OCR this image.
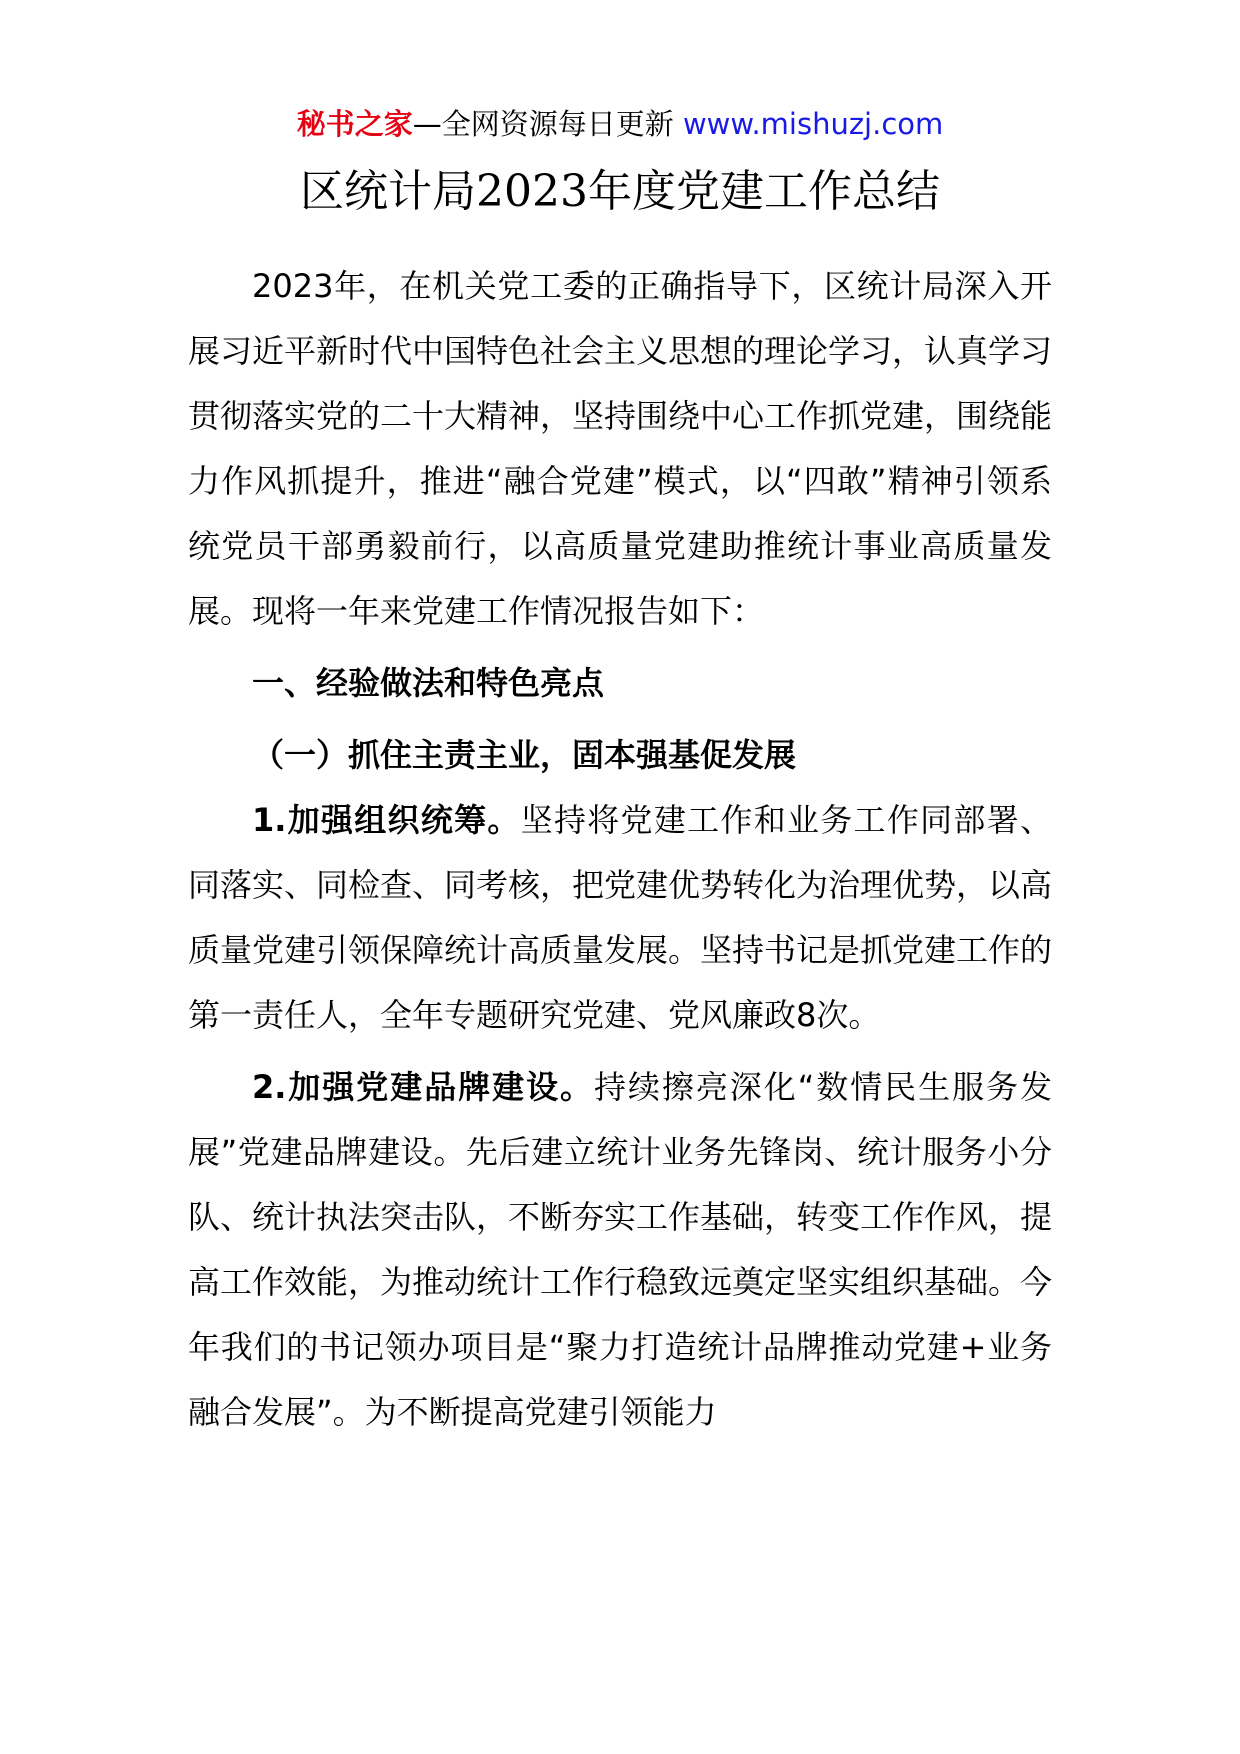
秘书之家—全网资源每日更新 www.mishuzj.com
区统计局2023年度党建工作总结

2023年，在机关党工委的正确指导下，区统计局深入开展习近平新时代中国特色社会主义思想的理论学习，认真学习贯彻落实党的二十大精神，坚持围绕中心工作抓党建，围绕能力作风抓提升，推进“融合党建”模式，以“四敢”精神引领系统党员干部勇毅前行，以高质量党建助推统计事业高质量发展。现将一年来党建工作情况报告如下：

一、经验做法和特色亮点

（一）抓住主责主业，固本强基促发展

1.加强组织统筹。坚持将党建工作和业务工作同部署、同落实、同检查、同考核，把党建优势转化为治理优势，以高质量党建引领保障统计高质量发展。坚持书记是抓党建工作的第一责任人，全年专题研究党建、党风廉政8次。

2.加强党建品牌建设。持续擦亮深化“数情民生服务发展”党建品牌建设。先后建立统计业务先锋岗、统计服务小分队、统计执法突击队，不断夯实工作基础，转变工作作风，提高工作效能，为推动统计工作行稳致远奠定坚实组织基础。今年我们的书记领办项目是“聚力打造统计品牌推动党建+业务融合发展”。为不断提高党建引领能力
